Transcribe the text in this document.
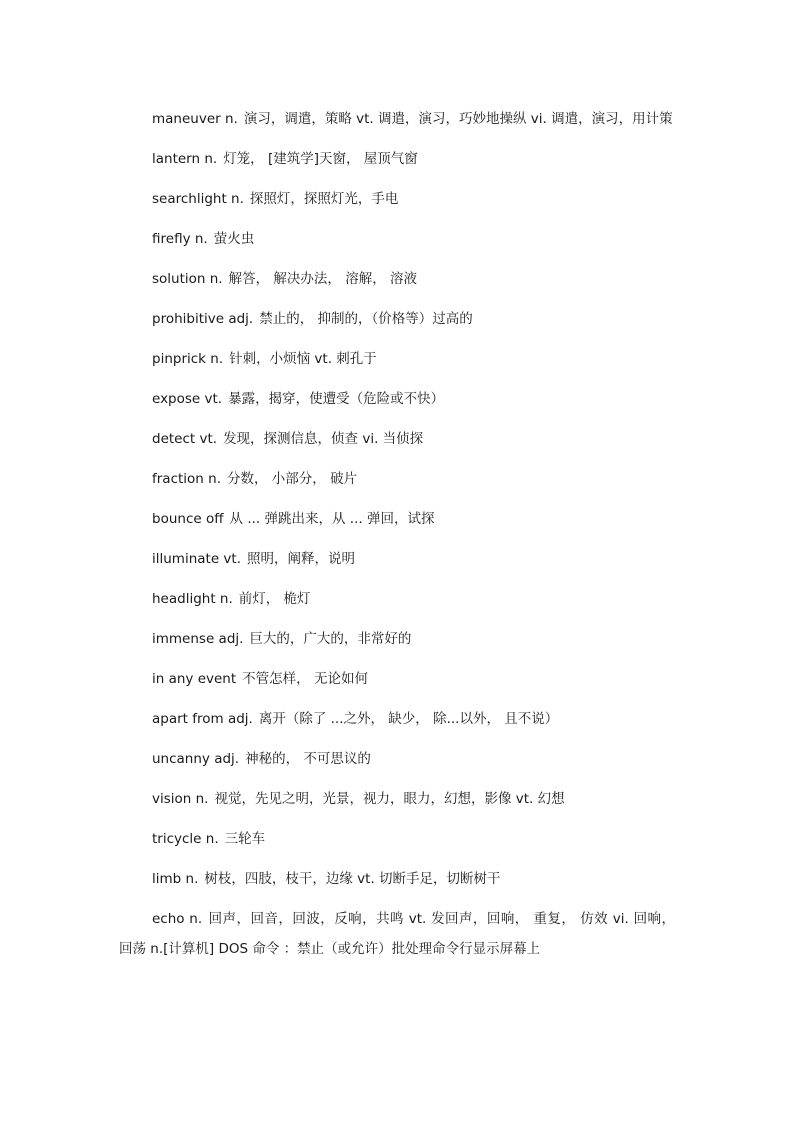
maneuver n. 演习，调遣，策略 vt. 调遣，演习，巧妙地操纵 vi. 调遣，演习，用计策

lantern n. 灯笼， [建筑学]天窗， 屋顶气窗

searchlight n. 探照灯，探照灯光，手电

firefly n. 萤火虫

solution n. 解答， 解决办法， 溶解， 溶液

prohibitive adj. 禁止的， 抑制的，（价格等）过高的

pinprick n. 针刺，小烦恼 vt. 刺孔于

expose vt. 暴露，揭穿，使遭受（危险或不快）

detect vt. 发现，探测信息，侦查 vi. 当侦探

fraction n. 分数， 小部分， 破片

bounce off 从 ... 弹跳出来，从 ... 弹回，试探

illuminate vt. 照明，阐释，说明

headlight n. 前灯， 桅灯

immense adj. 巨大的，广大的，非常好的

in any event 不管怎样， 无论如何

apart from adj. 离开（除了 ...之外， 缺少， 除...以外， 且不说）

uncanny adj. 神秘的， 不可思议的

vision n. 视觉，先见之明，光景，视力，眼力，幻想，影像 vt. 幻想

tricycle n. 三轮车

limb n. 树枝，四肢，枝干，边缘 vt. 切断手足，切断树干

echo n. 回声，回音，回波，反响，共鸣 vt. 发回声，回响， 重复， 仿效 vi. 回响， 回荡 n.[计算机] DOS 命令 ：禁止（或允许）批处理命令行显示屏幕上
